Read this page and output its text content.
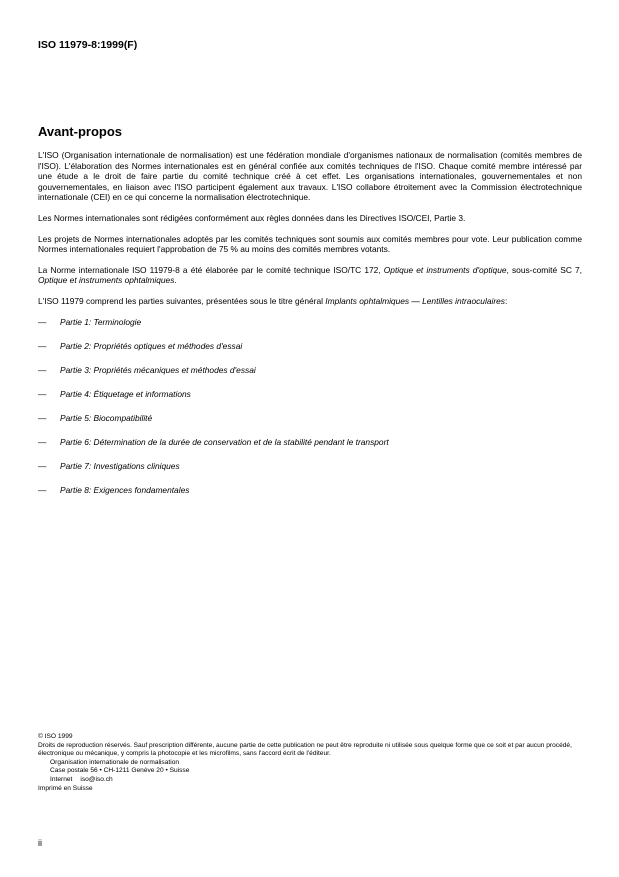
ISO 11979-8:1999(F)
Avant-propos

L'ISO (Organisation internationale de normalisation) est une fédération mondiale d'organismes nationaux de normalisation (comités membres de l'ISO). L'élaboration des Normes internationales est en général confiée aux comités techniques de l'ISO. Chaque comité membre intéressé par une étude a le droit de faire partie du comité technique créé à cet effet. Les organisations internationales, gouvernementales et non gouvernementales, en liaison avec l'ISO participent également aux travaux. L'ISO collabore étroitement avec la Commission électrotechnique internationale (CEI) en ce qui concerne la normalisation électrotechnique.

Les Normes internationales sont rédigées conformément aux règles données dans les Directives ISO/CEI, Partie 3.

Les projets de Normes internationales adoptés par les comités techniques sont soumis aux comités membres pour vote. Leur publication comme Normes internationales requiert l'approbation de 75 % au moins des comités membres votants.

La Norme internationale ISO 11979-8 a été élaborée par le comité technique ISO/TC 172, Optique et instruments d'optique, sous-comité SC 7, Optique et instruments ophtalmiques.

L'ISO 11979 comprend les parties suivantes, présentées sous le titre général Implants ophtalmiques — Lentilles intraoculaires:

—	Partie 1: Terminologie
—	Partie 2: Propriétés optiques et méthodes d'essai
—	Partie 3: Propriétés mécaniques et méthodes d'essai
—	Partie 4: Étiquetage et informations
—	Partie 5: Biocompatibilité
—	Partie 6: Détermination de la durée de conservation et de la stabilité pendant le transport
—	Partie 7: Investigations cliniques
—	Partie 8: Exigences fondamentales
© ISO 1999
Droits de reproduction réservés. Sauf prescription différente, aucune partie de cette publication ne peut être reproduite ni utilisée sous quelque forme que ce soit et par aucun procédé, électronique ou mécanique, y compris la photocopie et les microfilms, sans l'accord écrit de l'éditeur.
Organisation internationale de normalisation
Case postale 56 • CH-1211 Genève 20 • Suisse
Internet iso@iso.ch
Imprimé en Suisse
ii
